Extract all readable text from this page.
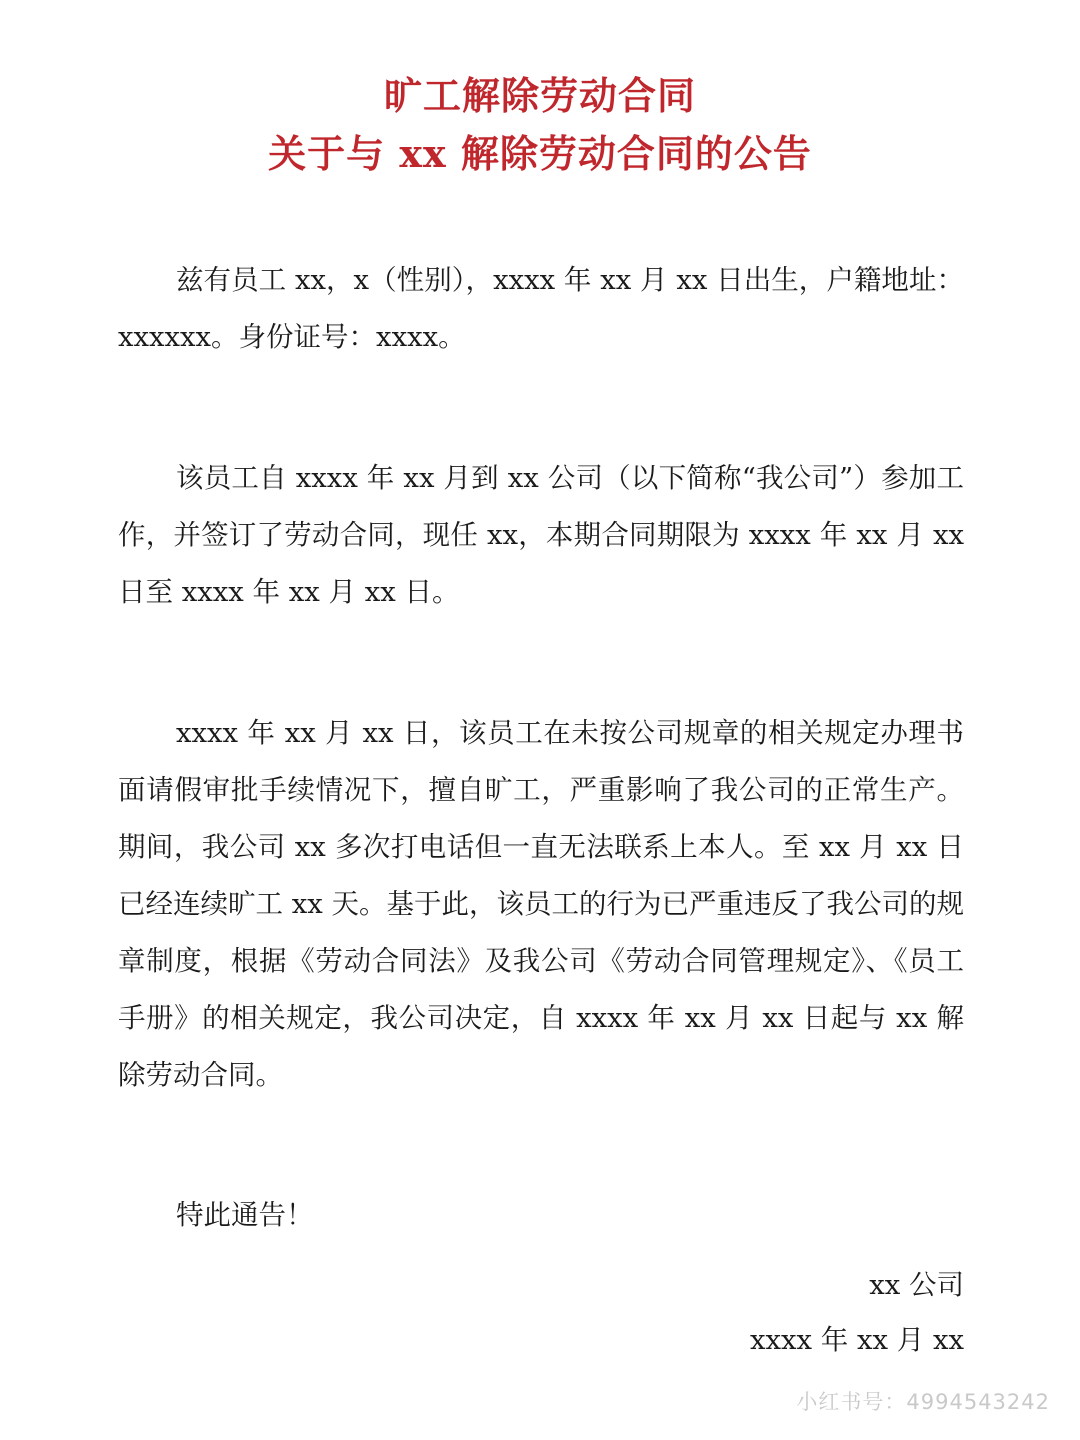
旷工解除劳动合同
关于与 xx 解除劳动合同的公告

兹有员工 xx，x（性别），xxxx 年 xx 月 xx 日出生，户籍地址：xxxxxx。身份证号：xxxx。

该员工自 xxxx 年 xx 月到 xx 公司（以下简称“我公司”）参加工作，并签订了劳动合同，现任 xx，本期合同期限为 xxxx 年 xx 月 xx 日至 xxxx 年 xx 月 xx 日。

xxxx 年 xx 月 xx 日，该员工在未按公司规章的相关规定办理书面请假审批手续情况下，擅自旷工，严重影响了我公司的正常生产。期间，我公司 xx 多次打电话但一直无法联系上本人。至 xx 月 xx 日已经连续旷工 xx 天。基于此，该员工的行为已严重违反了我公司的规章制度，根据《劳动合同法》及我公司《劳动合同管理规定》、《员工手册》的相关规定，我公司决定，自 xxxx 年 xx 月 xx 日起与 xx 解除劳动合同。

特此通告！

xx 公司

xxxx 年 xx 月 xx

小红书号：4994543242
